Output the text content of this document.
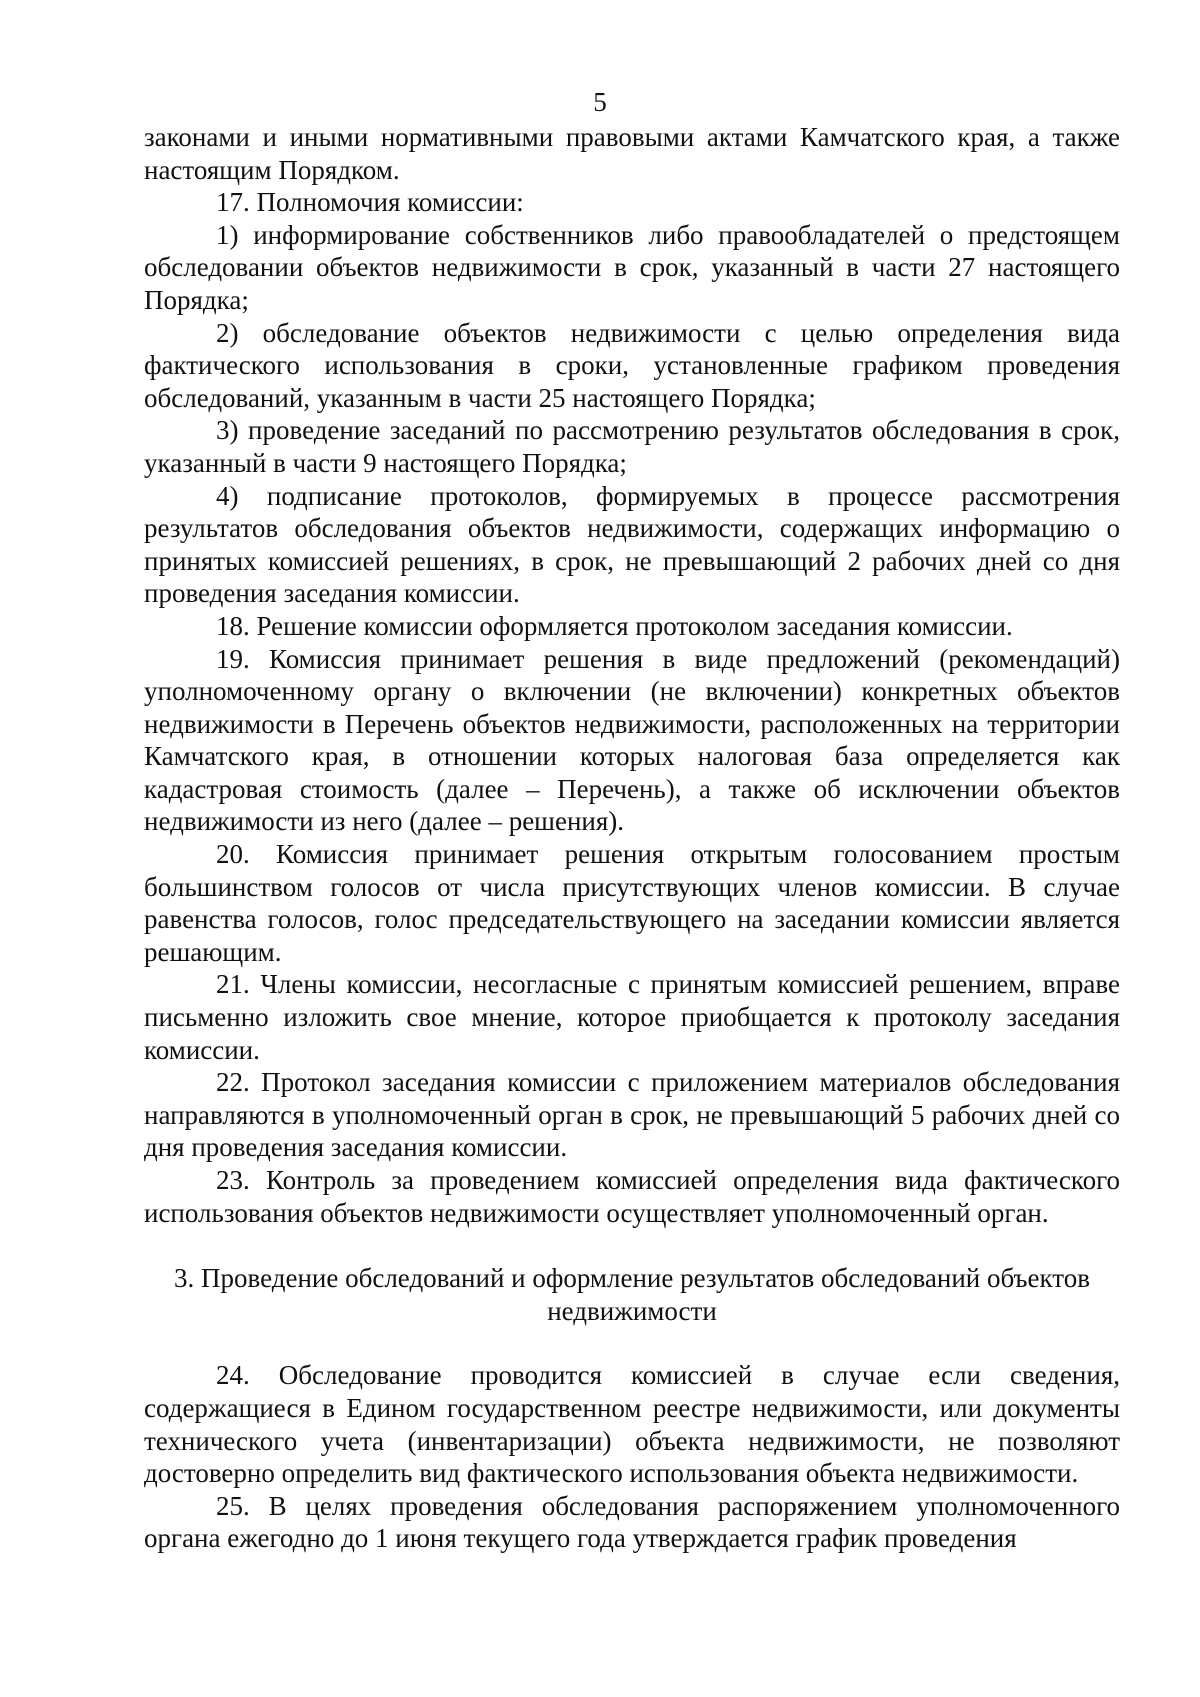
5

законами и иными нормативными правовыми актами Камчатского края, а также настоящим Порядком.

17. Полномочия комиссии:

1) информирование собственников либо правообладателей о предстоящем обследовании объектов недвижимости в срок, указанный в части 27 настоящего Порядка;

2) обследование объектов недвижимости с целью определения вида фактического использования в сроки, установленные графиком проведения обследований, указанным в части 25 настоящего Порядка;

3) проведение заседаний по рассмотрению результатов обследования в срок, указанный в части 9 настоящего Порядка;

4) подписание протоколов, формируемых в процессе рассмотрения результатов обследования объектов недвижимости, содержащих информацию о принятых комиссией решениях, в срок, не превышающий 2 рабочих дней со дня проведения заседания комиссии.

18. Решение комиссии оформляется протоколом заседания комиссии.

19. Комиссия принимает решения в виде предложений (рекомендаций) уполномоченному органу о включении (не включении) конкретных объектов недвижимости в Перечень объектов недвижимости, расположенных на территории Камчатского края, в отношении которых налоговая база определяется как кадастровая стоимость (далее – Перечень), а также об исключении объектов недвижимости из него (далее – решения).

20. Комиссия принимает решения открытым голосованием простым большинством голосов от числа присутствующих членов комиссии. В случае равенства голосов, голос председательствующего на заседании комиссии является решающим.

21. Члены комиссии, несогласные с принятым комиссией решением, вправе письменно изложить свое мнение, которое приобщается к протоколу заседания комиссии.

22. Протокол заседания комиссии с приложением материалов обследования направляются в уполномоченный орган в срок, не превышающий 5 рабочих дней со дня проведения заседания комиссии.

23. Контроль за проведением комиссией определения вида фактического использования объектов недвижимости осуществляет уполномоченный орган.

3. Проведение обследований и оформление результатов обследований объектов недвижимости

24. Обследование проводится комиссией в случае если сведения, содержащиеся в Едином государственном реестре недвижимости, или документы технического учета (инвентаризации) объекта недвижимости, не позволяют достоверно определить вид фактического использования объекта недвижимости.

25. В целях проведения обследования распоряжением уполномоченного органа ежегодно до 1 июня текущего года утверждается график проведения
